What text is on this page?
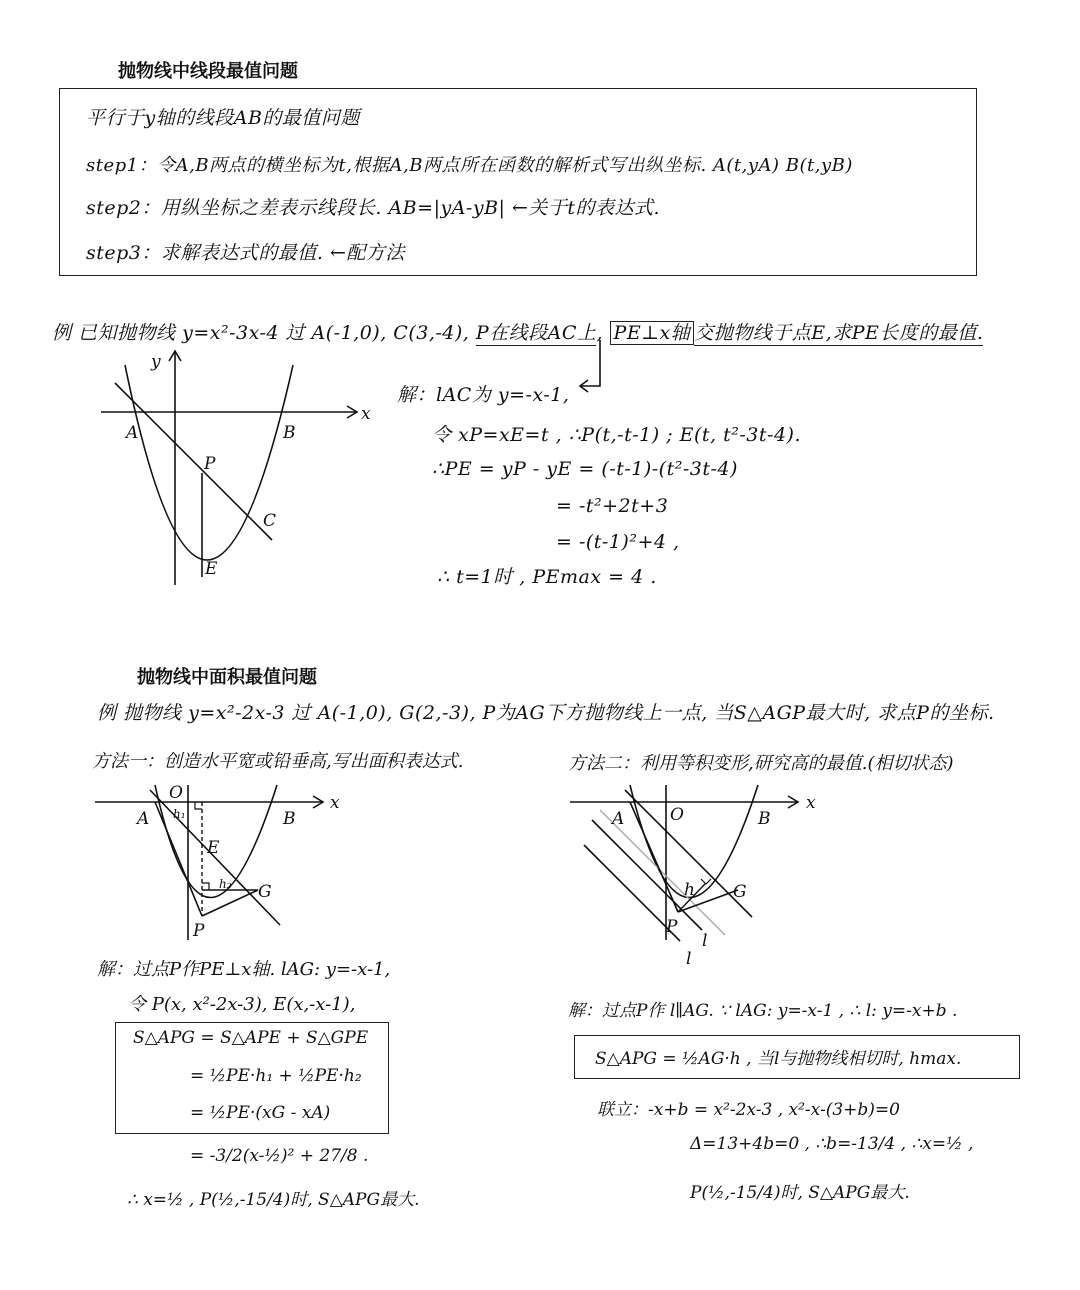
抛物线中线段最值问题
平行于y轴的线段AB的最值问题
step1：令A,B两点的横坐标为t,根据A,B两点所在函数的解析式写出纵坐标. A(t,yA) B(t,yB)
step2：用纵坐标之差表示线段长. AB=|yA-yB| ←关于t的表达式.
step3：求解表达式的最值. ←配方法
例 已知抛物线 y=x²-3x-4 过 A(-1,0), C(3,-4), P在线段AC上, PE⊥x轴 交抛物线于点E,求PE长度的最值.
y
x
A	B
P
C
E
解：lAC为 y=-x-1,
令 xP=xE=t , ∴P(t,-t-1) ; E(t, t²-3t-4).
∴PE = yP - yE = (-t-1)-(t²-3t-4)
= -t²+2t+3
= -(t-1)²+4 ,
∴ t=1时 , PEmax = 4 .
抛物线中面积最值问题
例 抛物线 y=x²-2x-3 过 A(-1,0), G(2,-3), P为AG下方抛物线上一点, 当S△AGP最大时, 求点P的坐标.
方法一：创造水平宽或铅垂高,写出面积表达式.	方法二：利用等积变形,研究高的最值.(相切状态)
O	x
A	B
h₁
E
h₂ G
P
A	O
x
B
h G
P
l
l
解：过点P作PE⊥x轴. lAG: y=-x-1,
令 P(x, x²-2x-3), E(x,-x-1),
S△APG = S△APE + S△GPE
= ½PE·h₁ + ½PE·h₂
= ½PE·(xG - xA)
= -3/2(x-½)² + 27/8 .
∴ x=½ , P(½,-15/4)时, S△APG最大.
解：过点P作 l∥AG. ∵ lAG: y=-x-1 , ∴ l: y=-x+b .
S△APG = ½AG·h , 当l与抛物线相切时, hmax.
联立：-x+b = x²-2x-3 , x²-x-(3+b)=0
Δ=13+4b=0 , ∴b=-13/4 , ∴x=½ ,
P(½,-15/4)时, S△APG最大.
